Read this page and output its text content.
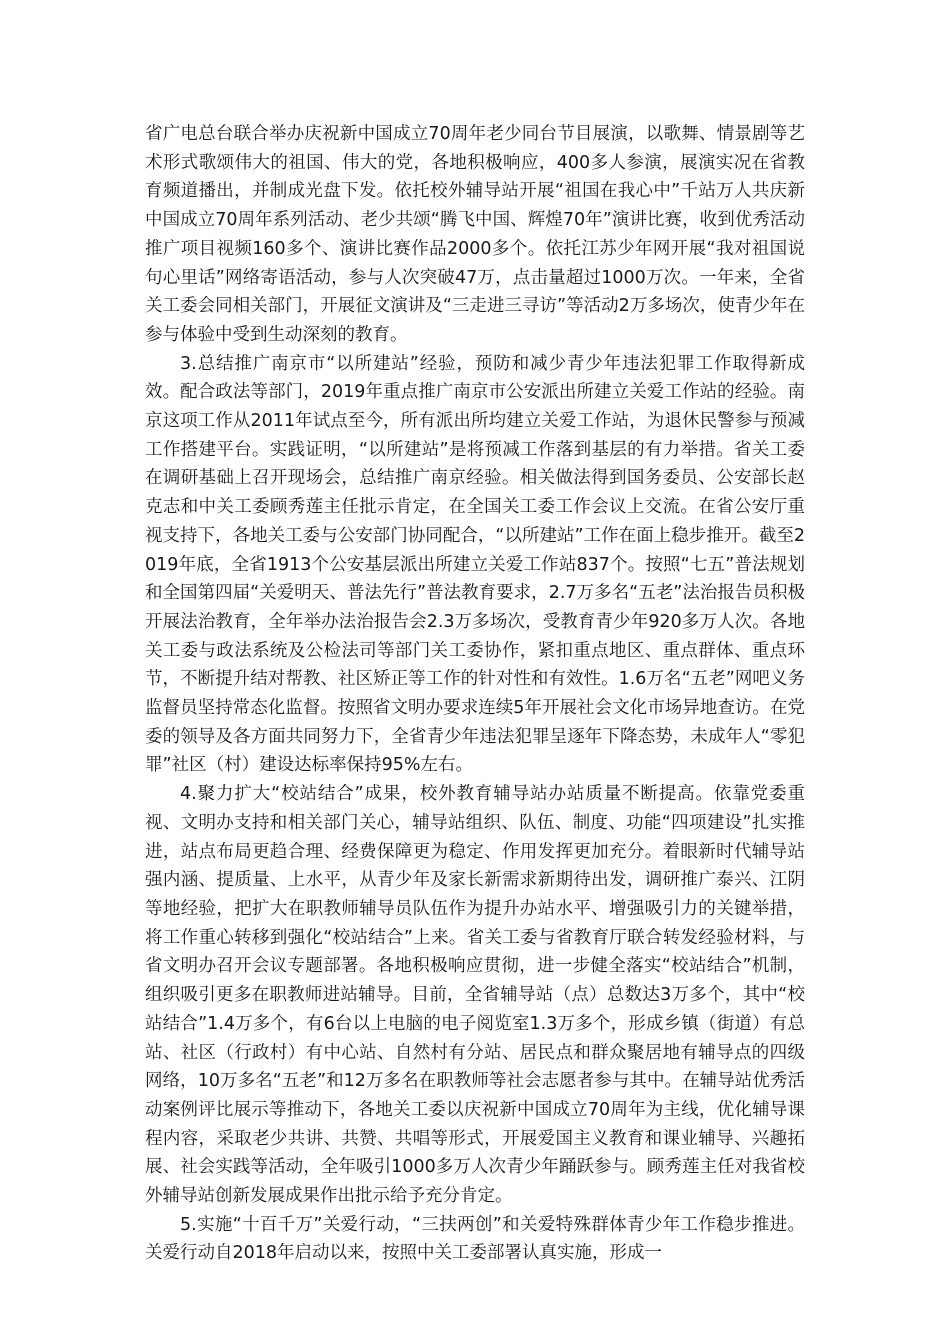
省广电总台联合举办庆祝新中国成立70周年老少同台节目展演，以歌舞、情景剧等艺术形式歌颂伟大的祖国、伟大的党，各地积极响应，400多人参演，展演实况在省教育频道播出，并制成光盘下发。依托校外辅导站开展“祖国在我心中”千站万人共庆新中国成立70周年系列活动、老少共颂“腾飞中国、辉煌70年”演讲比赛，收到优秀活动推广项目视频160多个、演讲比赛作品2000多个。依托江苏少年网开展“我对祖国说句心里话”网络寄语活动，参与人次突破47万，点击量超过1000万次。一年来，全省关工委会同相关部门，开展征文演讲及“三走进三寻访”等活动2万多场次，使青少年在参与体验中受到生动深刻的教育。

3.总结推广南京市“以所建站”经验，预防和减少青少年违法犯罪工作取得新成效。配合政法等部门，2019年重点推广南京市公安派出所建立关爱工作站的经验。南京这项工作从2011年试点至今，所有派出所均建立关爱工作站，为退休民警参与预减工作搭建平台。实践证明，“以所建站”是将预减工作落到基层的有力举措。省关工委在调研基础上召开现场会，总结推广南京经验。相关做法得到国务委员、公安部长赵克志和中关工委顾秀莲主任批示肯定，在全国关工委工作会议上交流。在省公安厅重视支持下，各地关工委与公安部门协同配合，“以所建站”工作在面上稳步推开。截至2019年底，全省1913个公安基层派出所建立关爱工作站837个。按照“七五”普法规划和全国第四届“关爱明天、普法先行”普法教育要求，2.7万多名“五老”法治报告员积极开展法治教育，全年举办法治报告会2.3万多场次，受教育青少年920多万人次。各地关工委与政法系统及公检法司等部门关工委协作，紧扣重点地区、重点群体、重点环节，不断提升结对帮教、社区矫正等工作的针对性和有效性。1.6万名“五老”网吧义务监督员坚持常态化监督。按照省文明办要求连续5年开展社会文化市场异地查访。在党委的领导及各方面共同努力下，全省青少年违法犯罪呈逐年下降态势，未成年人“零犯罪”社区（村）建设达标率保持95%左右。

4.聚力扩大“校站结合”成果，校外教育辅导站办站质量不断提高。依靠党委重视、文明办支持和相关部门关心，辅导站组织、队伍、制度、功能“四项建设”扎实推进，站点布局更趋合理、经费保障更为稳定、作用发挥更加充分。着眼新时代辅导站强内涵、提质量、上水平，从青少年及家长新需求新期待出发，调研推广泰兴、江阴等地经验，把扩大在职教师辅导员队伍作为提升办站水平、增强吸引力的关键举措，将工作重心转移到强化“校站结合”上来。省关工委与省教育厅联合转发经验材料，与省文明办召开会议专题部署。各地积极响应贯彻，进一步健全落实“校站结合”机制，组织吸引更多在职教师进站辅导。目前，全省辅导站（点）总数达3万多个，其中“校站结合”1.4万多个，有6台以上电脑的电子阅览室1.3万多个，形成乡镇（街道）有总站、社区（行政村）有中心站、自然村有分站、居民点和群众聚居地有辅导点的四级网络，10万多名“五老”和12万多名在职教师等社会志愿者参与其中。在辅导站优秀活动案例评比展示等推动下，各地关工委以庆祝新中国成立70周年为主线，优化辅导课程内容，采取老少共讲、共赞、共唱等形式，开展爱国主义教育和课业辅导、兴趣拓展、社会实践等活动，全年吸引1000多万人次青少年踊跃参与。顾秀莲主任对我省校外辅导站创新发展成果作出批示给予充分肯定。

5.实施“十百千万”关爱行动，“三扶两创”和关爱特殊群体青少年工作稳步推进。关爱行动自2018年启动以来，按照中关工委部署认真实施，形成一
